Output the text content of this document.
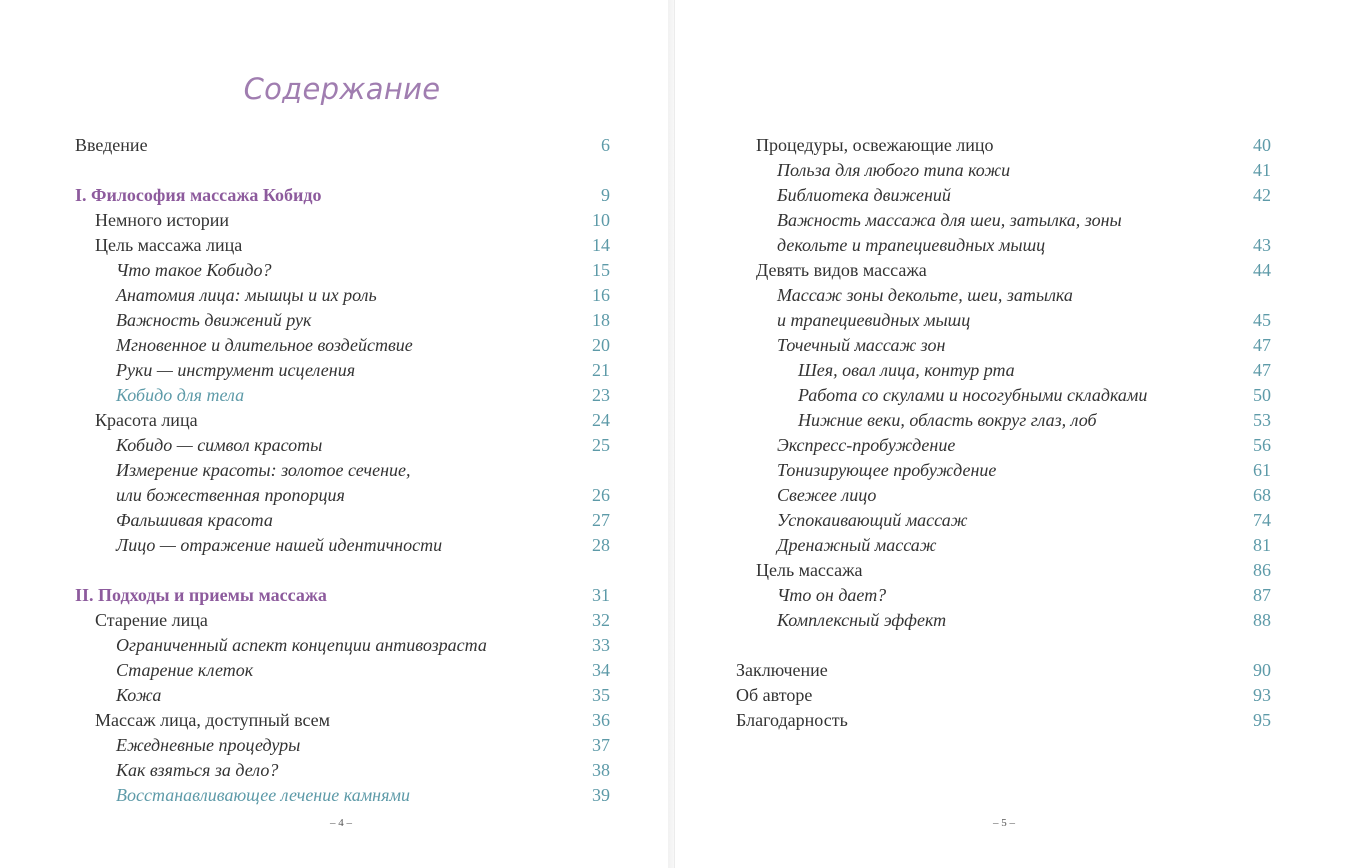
Содержание
Введение	6
I. Философия массажа Кобидо	9
Немного истории	10
Цель массажа лица	14
Что такое Кобидо?	15
Анатомия лица: мышцы и их роль	16
Важность движений рук	18
Мгновенное и длительное воздействие	20
Руки — инструмент исцеления	21
Кобидо для тела	23
Красота лица	24
Кобидо — символ красоты	25
Измерение красоты: золотое сечение,
или божественная пропорция	26
Фальшивая красота	27
Лицо — отражение нашей идентичности	28
II. Подходы и приемы массажа	31
Старение лица	32
Ограниченный аспект концепции антивозраста	33
Старение клеток	34
Кожа	35
Массаж лица, доступный всем	36
Ежедневные процедуры	37
Как взяться за дело?	38
Восстанавливающее лечение камнями	39
– 4 –
Процедуры, освежающие лицо	40
Польза для любого типа кожи	41
Библиотека движений	42
Важность массажа для шеи, затылка, зоны
декольте и трапециевидных мышц	43
Девять видов массажа	44
Массаж зоны декольте, шеи, затылка
и трапециевидных мышц	45
Точечный массаж зон	47
Шея, овал лица, контур рта	47
Работа со скулами и носогубными складками	50
Нижние веки, область вокруг глаз, лоб	53
Экспресс-пробуждение	56
Тонизирующее пробуждение	61
Свежее лицо	68
Успокаивающий массаж	74
Дренажный массаж	81
Цель массажа	86
Что он дает?	87
Комплексный эффект	88
Заключение	90
Об авторе	93
Благодарность	95
– 5 –
